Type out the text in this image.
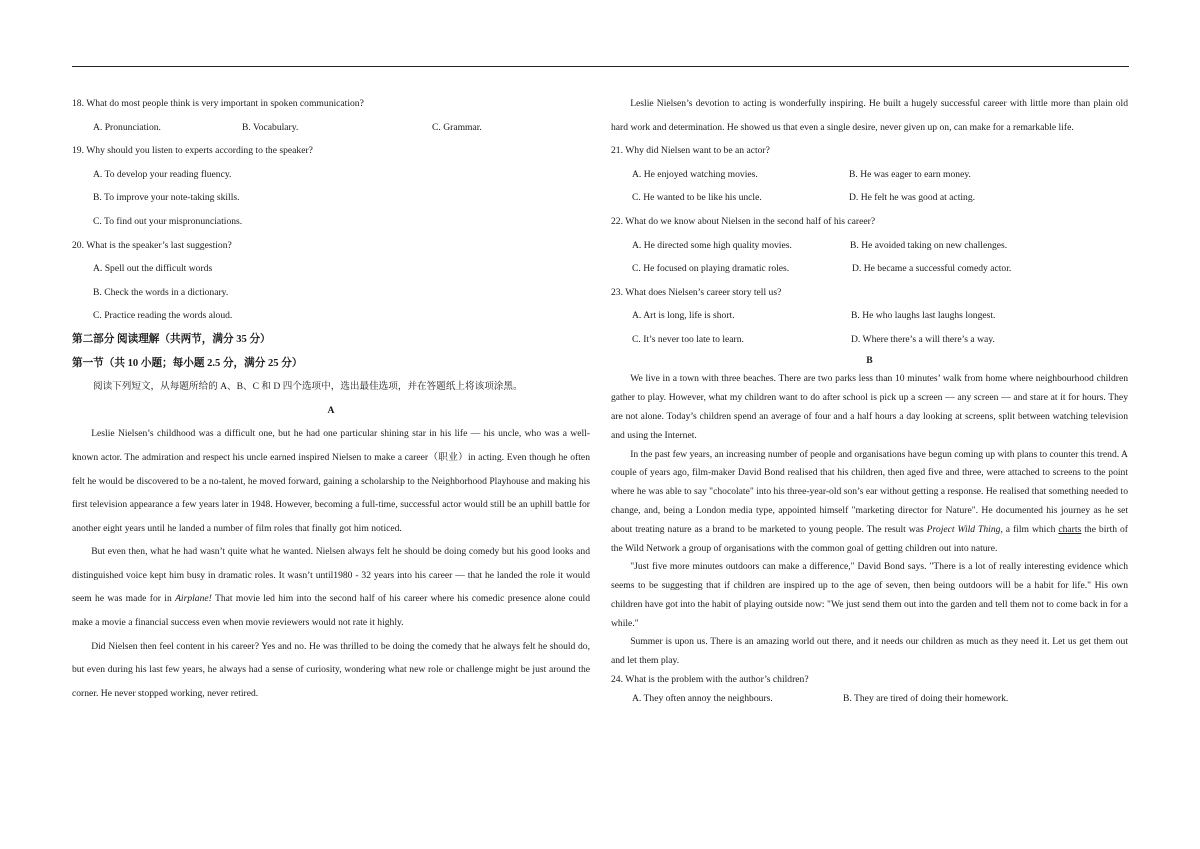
18. What do most people think is very important in spoken communication?
A. Pronunciation.	B. Vocabulary.	C. Grammar.
19. Why should you listen to experts according to the speaker?
A. To develop your reading fluency.
B. To improve your note-taking skills.
C. To find out your mispronunciations.
20. What is the speaker’s last suggestion?
A. Spell out the difficult words
B. Check the words in a dictionary.
C. Practice reading the words aloud.
第二部分 阅读理解（共两节，满分 35 分）
第一节（共 10 小题；每小题 2.5 分，满分 25 分）
阅读下列短文，从每题所给的 A、B、C 和 D 四个选项中，选出最佳选项，并在答题纸上将该项涂黑。
A

Leslie Nielsen’s childhood was a difficult one, but he had one particular shining star in his life — his uncle, who was a well-known actor. The admiration and respect his uncle earned inspired Nielsen to make a career（职业）in acting. Even though he often felt he would be discovered to be a no-talent, he moved forward, gaining a scholarship to the Neighborhood Playhouse and making his first television appearance a few years later in 1948. However, becoming a full-time, successful actor would still be an uphill battle for another eight years until he landed a number of film roles that finally got him noticed.

But even then, what he had wasn’t quite what he wanted. Nielsen always felt he should be doing comedy but his good looks and distinguished voice kept him busy in dramatic roles. It wasn’t until1980 - 32 years into his career — that he landed the role it would seem he was made for in Airplane! That movie led him into the second half of his career where his comedic presence alone could make a movie a financial success even when movie reviewers would not rate it highly.

Did Nielsen then feel content in his career? Yes and no. He was thrilled to be doing the comedy that he always felt he should do, but even during his last few years, he always had a sense of curiosity, wondering what new role or challenge might be just around the corner. He never stopped working, never retired.

Leslie Nielsen’s devotion to acting is wonderfully inspiring. He built a hugely successful career with little more than plain old hard work and determination. He showed us that even a single desire, never given up on, can make for a remarkable life.

21. Why did Nielsen want to be an actor?
A. He enjoyed watching movies.	B. He was eager to earn money.
C. He wanted to be like his uncle.	D. He felt he was good at acting.
22. What do we know about Nielsen in the second half of his career?
A. He directed some high quality movies.	B. He avoided taking on new challenges.
C. He focused on playing dramatic roles.	D. He became a successful comedy actor.
23. What does Nielsen’s career story tell us?
A. Art is long, life is short.	B. He who laughs last laughs longest.
C. It’s never too late to learn.	D. Where there’s a will there’s a way.
B

We live in a town with three beaches. There are two parks less than 10 minutes’ walk from home where neighbourhood children gather to play. However, what my children want to do after school is pick up a screen — any screen — and stare at it for hours. They are not alone. Today’s children spend an average of four and a half hours a day looking at screens, split between watching television and using the Internet.

In the past few years, an increasing number of people and organisations have begun coming up with plans to counter this trend. A couple of years ago, film-maker David Bond realised that his children, then aged five and three, were attached to screens to the point where he was able to say "chocolate" into his three-year-old son’s ear without getting a response. He realised that something needed to change, and, being a London media type, appointed himself "marketing director for Nature". He documented his journey as he set about treating nature as a brand to be marketed to young people. The result was Project Wild Thing, a film which charts the birth of the Wild Network a group of organisations with the common goal of getting children out into nature.

"Just five more minutes outdoors can make a difference," David Bond says. "There is a lot of really interesting evidence which seems to be suggesting that if children are inspired up to the age of seven, then being outdoors will be a habit for life." His own children have got into the habit of playing outside now: "We just send them out into the garden and tell them not to come back in for a while."

Summer is upon us. There is an amazing world out there, and it needs our children as much as they need it. Let us get them out and let them play.

24. What is the problem with the author’s children?
A. They often annoy the neighbours.	B. They are tired of doing their homework.
